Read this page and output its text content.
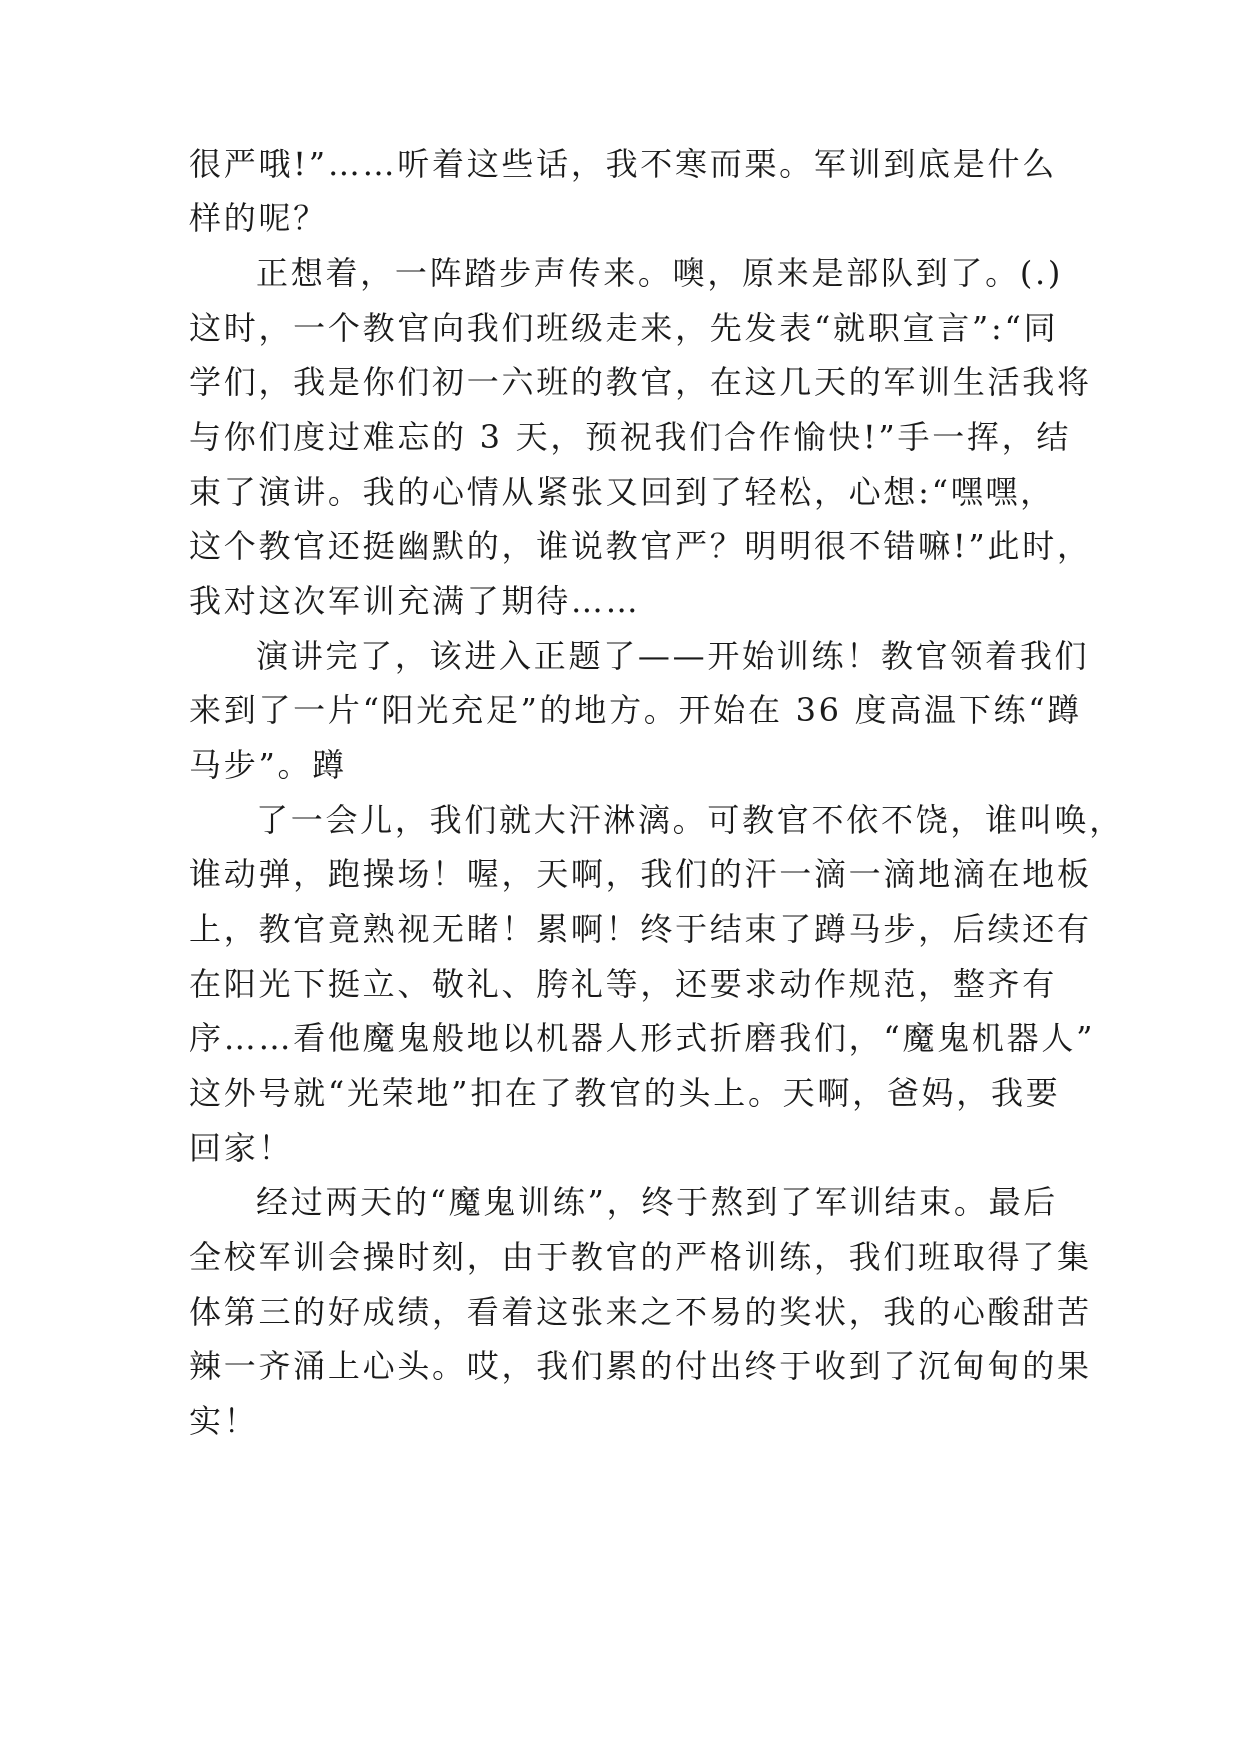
很严哦!”……听着这些话，我不寒而栗。军训到底是什么
样的呢？
正想着，一阵踏步声传来。噢，原来是部队到了。(.)
这时，一个教官向我们班级走来，先发表“就职宣言”:“同
学们，我是你们初一六班的教官，在这几天的军训生活我将
与你们度过难忘的 3 天，预祝我们合作愉快!”手一挥，结
束了演讲。我的心情从紧张又回到了轻松，心想:“嘿嘿，
这个教官还挺幽默的，谁说教官严？明明很不错嘛!”此时，
我对这次军训充满了期待……
演讲完了，该进入正题了——开始训练！教官领着我们
来到了一片“阳光充足”的地方。开始在 36 度高温下练“蹲
马步”。蹲
了一会儿，我们就大汗淋漓。可教官不依不饶，谁叫唤，
谁动弹，跑操场！喔，天啊，我们的汗一滴一滴地滴在地板
上，教官竟熟视无睹！累啊！终于结束了蹲马步，后续还有
在阳光下挺立、敬礼、胯礼等，还要求动作规范，整齐有
序……看他魔鬼般地以机器人形式折磨我们，“魔鬼机器人”
这外号就“光荣地”扣在了教官的头上。天啊，爸妈，我要
回家！
经过两天的“魔鬼训练”，终于熬到了军训结束。最后
全校军训会操时刻，由于教官的严格训练，我们班取得了集
体第三的好成绩，看着这张来之不易的奖状，我的心酸甜苦
辣一齐涌上心头。哎，我们累的付出终于收到了沉甸甸的果
实！
